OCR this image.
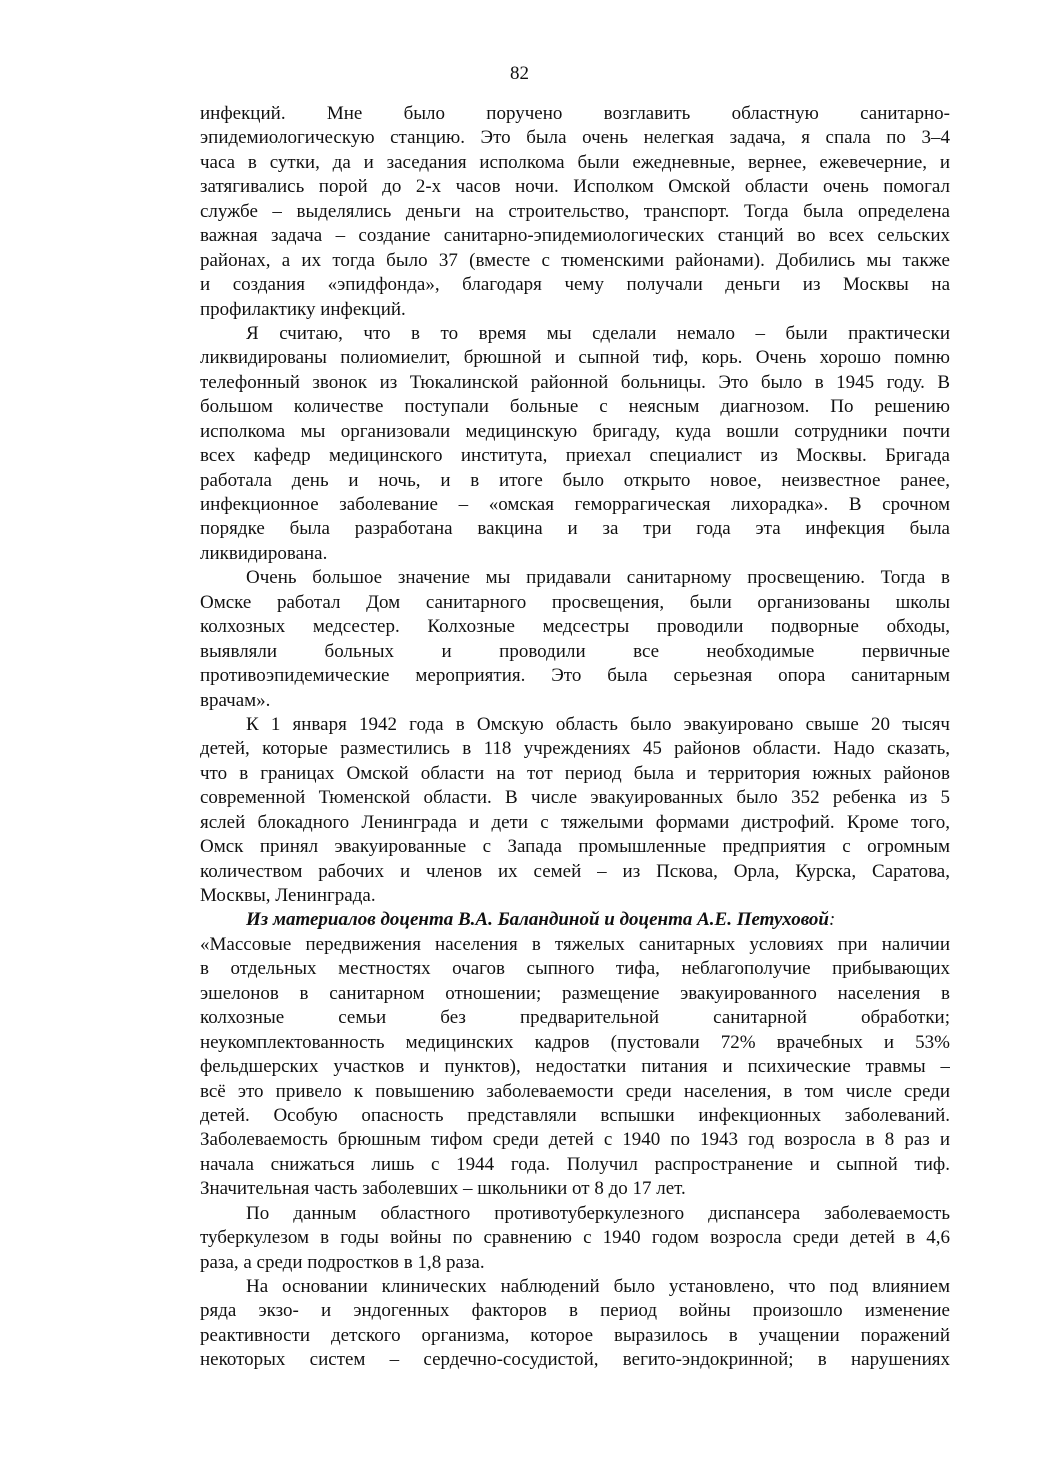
82
инфекций. Мне было поручено возглавить областную санитарно-
эпидемиологическую станцию. Это была очень нелегкая задача, я спала по 3–4
часа в сутки, да и заседания исполкома были ежедневные, вернее, ежевечерние, и
затягивались порой до 2-х часов ночи. Исполком Омской области очень помогал
службе – выделялись деньги на строительство, транспорт. Тогда была определена
важная задача – создание санитарно-эпидемиологических станций во всех сельских
районах, а их тогда было 37 (вместе с тюменскими районами). Добились мы также
и создания «эпидфонда», благодаря чему получали деньги из Москвы на
профилактику инфекций.
Я считаю, что в то время мы сделали немало – были практически
ликвидированы полиомиелит, брюшной и сыпной тиф, корь. Очень хорошо помню
телефонный звонок из Тюкалинской районной больницы. Это было в 1945 году. В
большом количестве поступали больные с неясным диагнозом. По решению
исполкома мы организовали медицинскую бригаду, куда вошли сотрудники почти
всех кафедр медицинского института, приехал специалист из Москвы. Бригада
работала день и ночь, и в итоге было открыто новое, неизвестное ранее,
инфекционное заболевание – «омская геморрагическая лихорадка». В срочном
порядке была разработана вакцина и за три года эта инфекция была
ликвидирована.
Очень большое значение мы придавали санитарному просвещению. Тогда в
Омске работал Дом санитарного просвещения, были организованы школы
колхозных медсестер. Колхозные медсестры проводили подворные обходы,
выявляли больных и проводили все необходимые первичные
противоэпидемические мероприятия. Это была серьезная опора санитарным
врачам».
К 1 января 1942 года в Омскую область было эвакуировано свыше 20 тысяч
детей, которые разместились в 118 учреждениях 45 районов области. Надо сказать,
что в границах Омской области на тот период была и территория южных районов
современной Тюменской области. В числе эвакуированных было 352 ребенка из 5
яслей блокадного Ленинграда и дети с тяжелыми формами дистрофий. Кроме того,
Омск принял эвакуированные с Запада промышленные предприятия с огромным
количеством рабочих и членов их семей – из Пскова, Орла, Курска, Саратова,
Москвы, Ленинграда.
Из материалов доцента В.А. Баландиной и доцента А.Е. Петуховой:
«Массовые передвижения населения в тяжелых санитарных условиях при наличии
в отдельных местностях очагов сыпного тифа, неблагополучие прибывающих
эшелонов в санитарном отношении; размещение эвакуированного населения в
колхозные семьи без предварительной санитарной обработки;
неукомплектованность медицинских кадров (пустовали 72% врачебных и 53%
фельдшерских участков и пунктов), недостатки питания и психические травмы –
всё это привело к повышению заболеваемости среди населения, в том числе среди
детей. Особую опасность представляли вспышки инфекционных заболеваний.
Заболеваемость брюшным тифом среди детей с 1940 по 1943 год возросла в 8 раз и
начала снижаться лишь с 1944 года. Получил распространение и сыпной тиф.
Значительная часть заболевших – школьники от 8 до 17 лет.
По данным областного противотуберкулезного диспансера заболеваемость
туберкулезом в годы войны по сравнению с 1940 годом возросла среди детей в 4,6
раза, а среди подростков в 1,8 раза.
На основании клинических наблюдений было установлено, что под влиянием
ряда экзо- и эндогенных факторов в период войны произошло изменение
реактивности детского организма, которое выразилось в учащении поражений
некоторых систем – сердечно-сосудистой, вегито-эндокринной; в нарушениях
